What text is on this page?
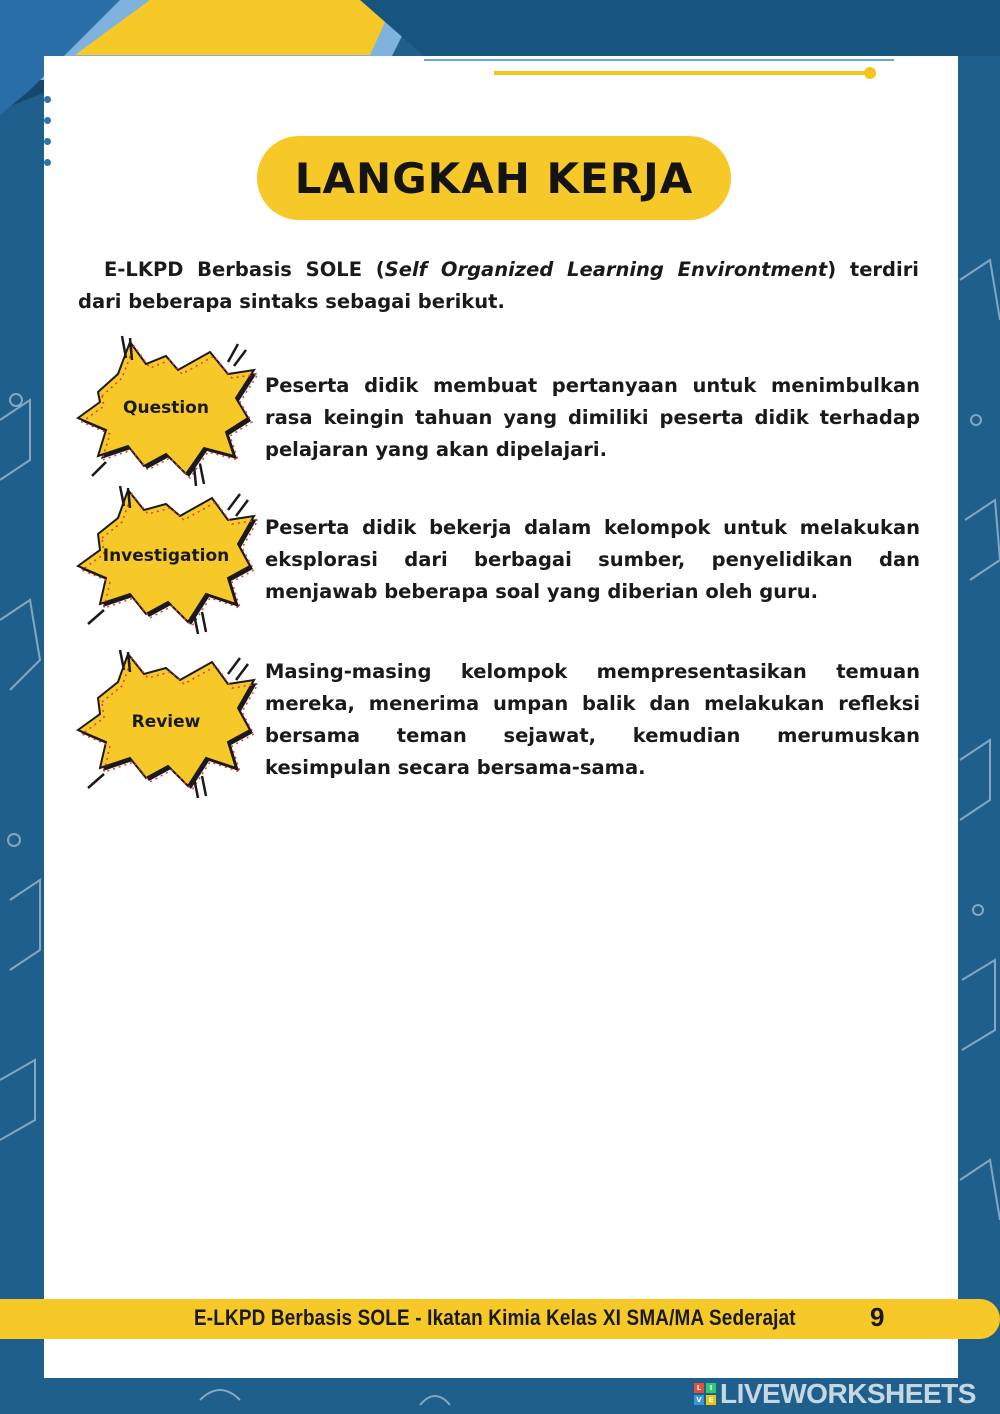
LANGKAH KERJA

E-LKPD Berbasis SOLE (Self Organized Learning Environtment) terdiri dari beberapa sintaks sebagai berikut.

Question

Peserta didik membuat pertanyaan untuk menimbulkan rasa keingin tahuan yang dimiliki peserta didik terhadap pelajaran yang akan dipelajari.

Investigation

Peserta didik bekerja dalam kelompok untuk melakukan eksplorasi dari berbagai sumber, penyelidikan dan menjawab beberapa soal yang diberian oleh guru.

Review

Masing-masing kelompok mempresentasikan temuan mereka, menerima umpan balik dan melakukan refleksi bersama teman sejawat, kemudian merumuskan kesimpulan secara bersama-sama.

E-LKPD Berbasis SOLE - Ikatan Kimia Kelas XI SMA/MA Sederajat	9
L	I
V E LIVEWORKSHEETS
